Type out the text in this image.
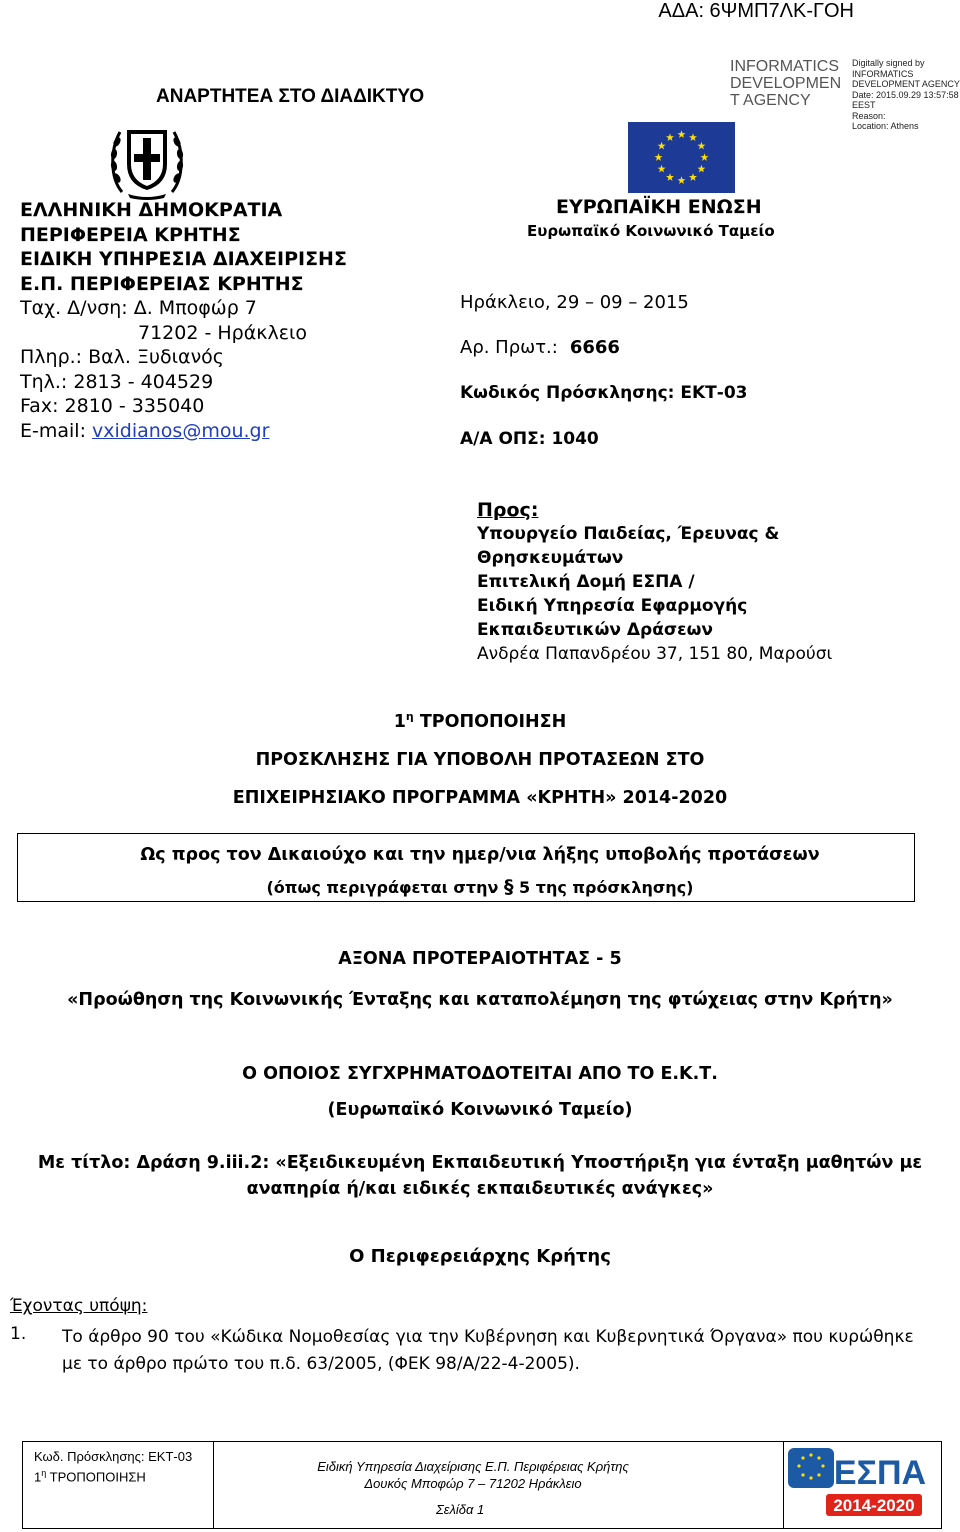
ΑΔΑ: 6ΨΜΠ7ΛΚ-ΓΟΗ
ΑΝΑΡΤΗΤΕΑ ΣΤΟ ΔΙΑΔΙΚΤΥΟ
INFORMATICS
DEVELOPMEN
T AGENCY
Digitally signed by
INFORMATICS
DEVELOPMENT AGENCY
Date: 2015.09.29 13:57:58
EEST
Reason:
Location: Athens
ΕΛΛΗΝΙΚΗ ΔΗΜΟΚΡΑΤΙΑ
ΠΕΡΙΦΕΡΕΙΑ ΚΡΗΤΗΣ
ΕΙΔΙΚΗ ΥΠΗΡΕΣΙΑ ΔΙΑΧΕΙΡΙΣΗΣ
Ε.Π. ΠΕΡΙΦΕΡΕΙΑΣ ΚΡΗΤΗΣ
Ταχ. Δ/νση: Δ. Μποφώρ 7
71202 - Ηράκλειο
Πληρ.: Βαλ. Ξυδιανός
Τηλ.: 2813 - 404529
Fax: 2810 - 335040
E-mail: vxidianos@mou.gr
ΕΥΡΩΠΑΪΚΗ ΕΝΩΣΗ
Ευρωπαϊκό Κοινωνικό Ταμείο
Ηράκλειο, 29 – 09 – 2015
Αρ. Πρωτ.: 6666
Κωδικός Πρόσκλησης: ΕΚΤ-03
Α/Α ΟΠΣ: 1040
Προς:
Υπουργείο Παιδείας, Έρευνας &
Θρησκευμάτων
Επιτελική Δομή ΕΣΠΑ /
Ειδική Υπηρεσία Εφαρμογής
Εκπαιδευτικών Δράσεων
Ανδρέα Παπανδρέου 37, 151 80, Μαρούσι
$1^\eta$ ΤΡΟΠΟΠΟΙΗΣΗ
ΠΡΟΣΚΛΗΣΗΣ ΓΙΑ ΥΠΟΒΟΛΗ ΠΡΟΤΑΣΕΩΝ ΣΤΟ
ΕΠΙΧΕΙΡΗΣΙΑΚΟ ΠΡΟΓΡΑΜΜΑ «ΚΡΗΤΗ» 2014-2020
Ως προς τον Δικαιούχο και την ημερ/νια λήξης υποβολής προτάσεων
(όπως περιγράφεται στην § 5 της πρόσκλησης)
ΑΞΟΝΑ ΠΡΟΤΕΡΑΙΟΤΗΤΑΣ - 5
«Προώθηση της Κοινωνικής Ένταξης και καταπολέμηση της φτώχειας στην Κρήτη»
Ο ΟΠΟΙΟΣ ΣΥΓΧΡΗΜΑΤΟΔΟΤΕΙΤΑΙ ΑΠΟ ΤΟ Ε.Κ.Τ.
(Ευρωπαϊκό Κοινωνικό Ταμείο)
Με τίτλο: Δράση 9.iii.2: «Εξειδικευμένη Εκπαιδευτική Υποστήριξη για ένταξη μαθητών με αναπηρία ή/και ειδικές εκπαιδευτικές ανάγκες»
Ο Περιφερειάρχης Κρήτης
Έχοντας υπόψη:
1. Το άρθρο 90 του «Κώδικα Νομοθεσίας για την Κυβέρνηση και Κυβερνητικά Όργανα» που κυρώθηκε με το άρθρο πρώτο του π.δ. 63/2005, (ΦΕΚ 98/Α/22-4-2005).
Κωδ. Πρόσκλησης: ΕΚΤ-03
$1^\eta$ ΤΡΟΠΟΠΟΙΗΣΗ
Ειδική Υπηρεσία Διαχείρισης Ε.Π. Περιφέρειας Κρήτης
Δουκός Μποφώρ 7 – 71202 Ηράκλειο
Σελίδα 1
ΕΣΠΑ
2014-2020
